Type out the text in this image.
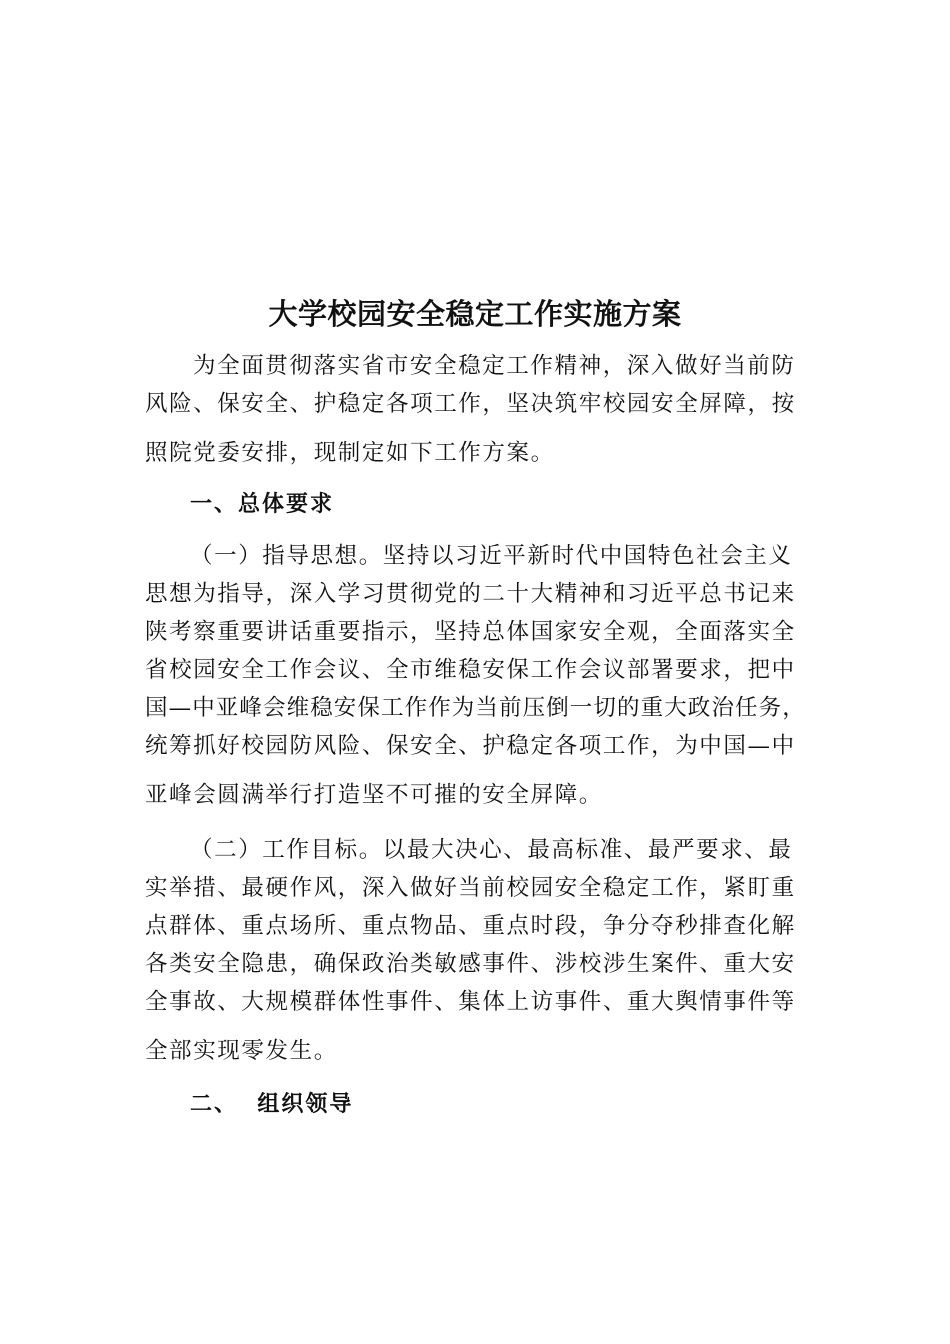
大学校园安全稳定工作实施方案

为全面贯彻落实省市安全稳定工作精神，深入做好当前防

风险、保安全、护稳定各项工作，坚决筑牢校园安全屏障，按

照院党委安排，现制定如下工作方案。

一、总体要求

（一）指导思想。坚持以习近平新时代中国特色社会主义

思想为指导，深入学习贯彻党的二十大精神和习近平总书记来

陕考察重要讲话重要指示，坚持总体国家安全观，全面落实全

省校园安全工作会议、全市维稳安保工作会议部署要求，把中

国—中亚峰会维稳安保工作作为当前压倒一切的重大政治任务，

统筹抓好校园防风险、保安全、护稳定各项工作，为中国—中

亚峰会圆满举行打造坚不可摧的安全屏障。

（二）工作目标。以最大决心、最高标准、最严要求、最

实举措、最硬作风，深入做好当前校园安全稳定工作，紧盯重

点群体、重点场所、重点物品、重点时段，争分夺秒排查化解

各类安全隐患，确保政治类敏感事件、涉校涉生案件、重大安

全事故、大规模群体性事件、集体上访事件、重大舆情事件等

全部实现零发生。

二、  组织领导
